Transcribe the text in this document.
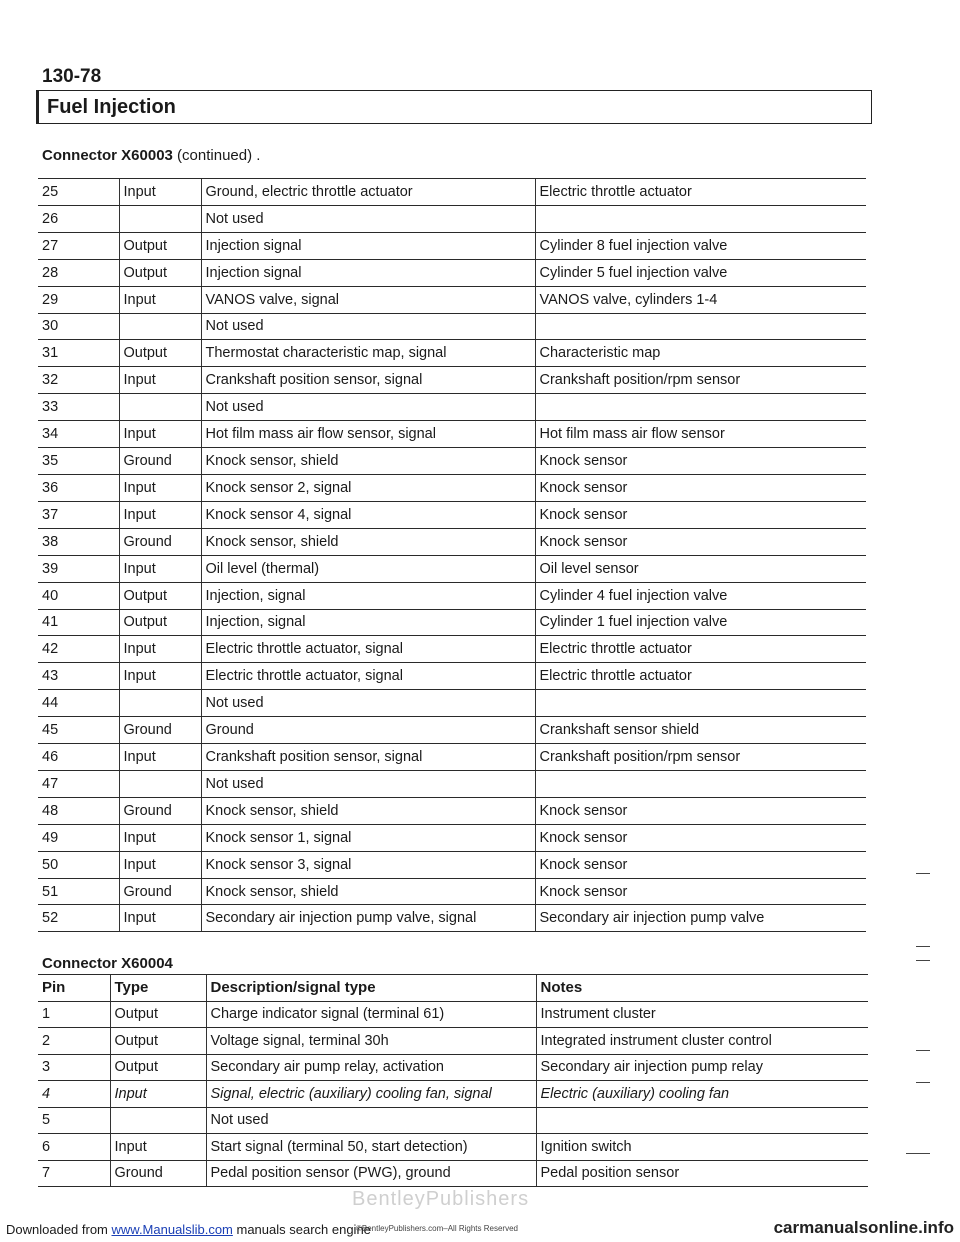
130-78
Fuel Injection
Connector X60003 (continued) .
25	Input	Ground, electric throttle actuator	Electric throttle actuator
26		Not used	
27	Output	Injection signal	Cylinder 8 fuel injection valve
28	Output	Injection signal	Cylinder 5 fuel injection valve
29	Input	VANOS valve, signal	VANOS valve, cylinders 1-4
30		Not used	
31	Output	Thermostat characteristic map, signal	Characteristic map
32	Input	Crankshaft position sensor, signal	Crankshaft position/rpm sensor
33		Not used	
34	Input	Hot film mass air flow sensor, signal	Hot film mass air flow sensor
35	Ground	Knock sensor, shield	Knock sensor
36	Input	Knock sensor 2, signal	Knock sensor
37	Input	Knock sensor 4, signal	Knock sensor
38	Ground	Knock sensor, shield	Knock sensor
39	Input	Oil level (thermal)	Oil level sensor
40	Output	Injection, signal	Cylinder 4 fuel injection valve
41	Output	Injection, signal	Cylinder 1 fuel injection valve
42	Input	Electric throttle actuator, signal	Electric throttle actuator
43	Input	Electric throttle actuator, signal	Electric throttle actuator
44		Not used	
45	Ground	Ground	Crankshaft sensor shield
46	Input	Crankshaft position sensor, signal	Crankshaft position/rpm sensor
47		Not used	
48	Ground	Knock sensor, shield	Knock sensor
49	Input	Knock sensor 1, signal	Knock sensor
50	Input	Knock sensor 3, signal	Knock sensor
51	Ground	Knock sensor, shield	Knock sensor
52	Input	Secondary air injection pump valve, signal	Secondary air injection pump valve
Connector X60004
Pin	Type	Description/signal type	Notes
1	Output	Charge indicator signal (terminal 61)	Instrument cluster
2	Output	Voltage signal, terminal 30h	Integrated instrument cluster control
3	Output	Secondary air pump relay, activation	Secondary air injection pump relay
4	Input	Signal, electric (auxiliary) cooling fan, signal	Electric (auxiliary) cooling fan
5		Not used	
6	Input	Start signal (terminal 50, start detection)	Ignition switch
7	Ground	Pedal position sensor (PWG), ground	Pedal position sensor
BentleyPublishers
Downloaded from www.Manualslib.com manuals search engine
©BentleyPublishers.com–All Rights Reserved	carmanualsonline.info
